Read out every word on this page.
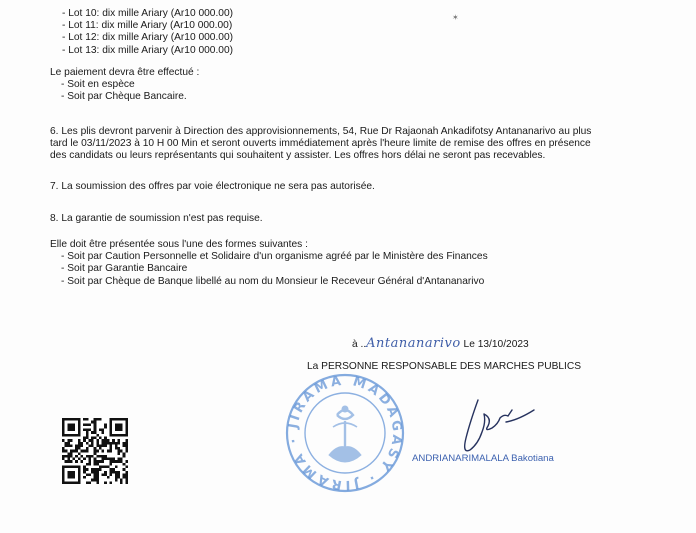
✶
- Lot 10: dix mille Ariary (Ar10 000.00)
- Lot 11: dix mille Ariary (Ar10 000.00)
- Lot 12: dix mille Ariary (Ar10 000.00)
- Lot 13: dix mille Ariary (Ar10 000.00)
Le paiement devra être effectué :
- Soit en espèce
- Soit par Chèque Bancaire.
6. Les plis devront parvenir à Direction des approvisionnements, 54, Rue Dr Rajaonah Ankadifotsy Antananarivo au plus
tard le 03/11/2023 à 10 H 00 Min et seront ouverts immédiatement après l'heure limite de remise des offres en présence
des candidats ou leurs représentants qui souhaitent y assister. Les offres hors délai ne seront pas recevables.
7. La soumission des offres par voie électronique ne sera pas autorisée.
8. La garantie de soumission n'est pas requise.
Elle doit être présentée sous l'une des formes suivantes :
- Soit par Caution Personnelle et Solidaire d'un organisme agréé par le Ministère des Finances
- Soit par Garantie Bancaire
- Soit par Chèque de Banque libellé au nom du Monsieur le Receveur Général d'Antananarivo
à ..Antananarivo Le 13/10/2023
La PERSONNE RESPONSABLE DES MARCHES PUBLICS
JIRAMA MADAGASY · JIRAMA ·
ANDRIANARIMALALA Bakotiana
